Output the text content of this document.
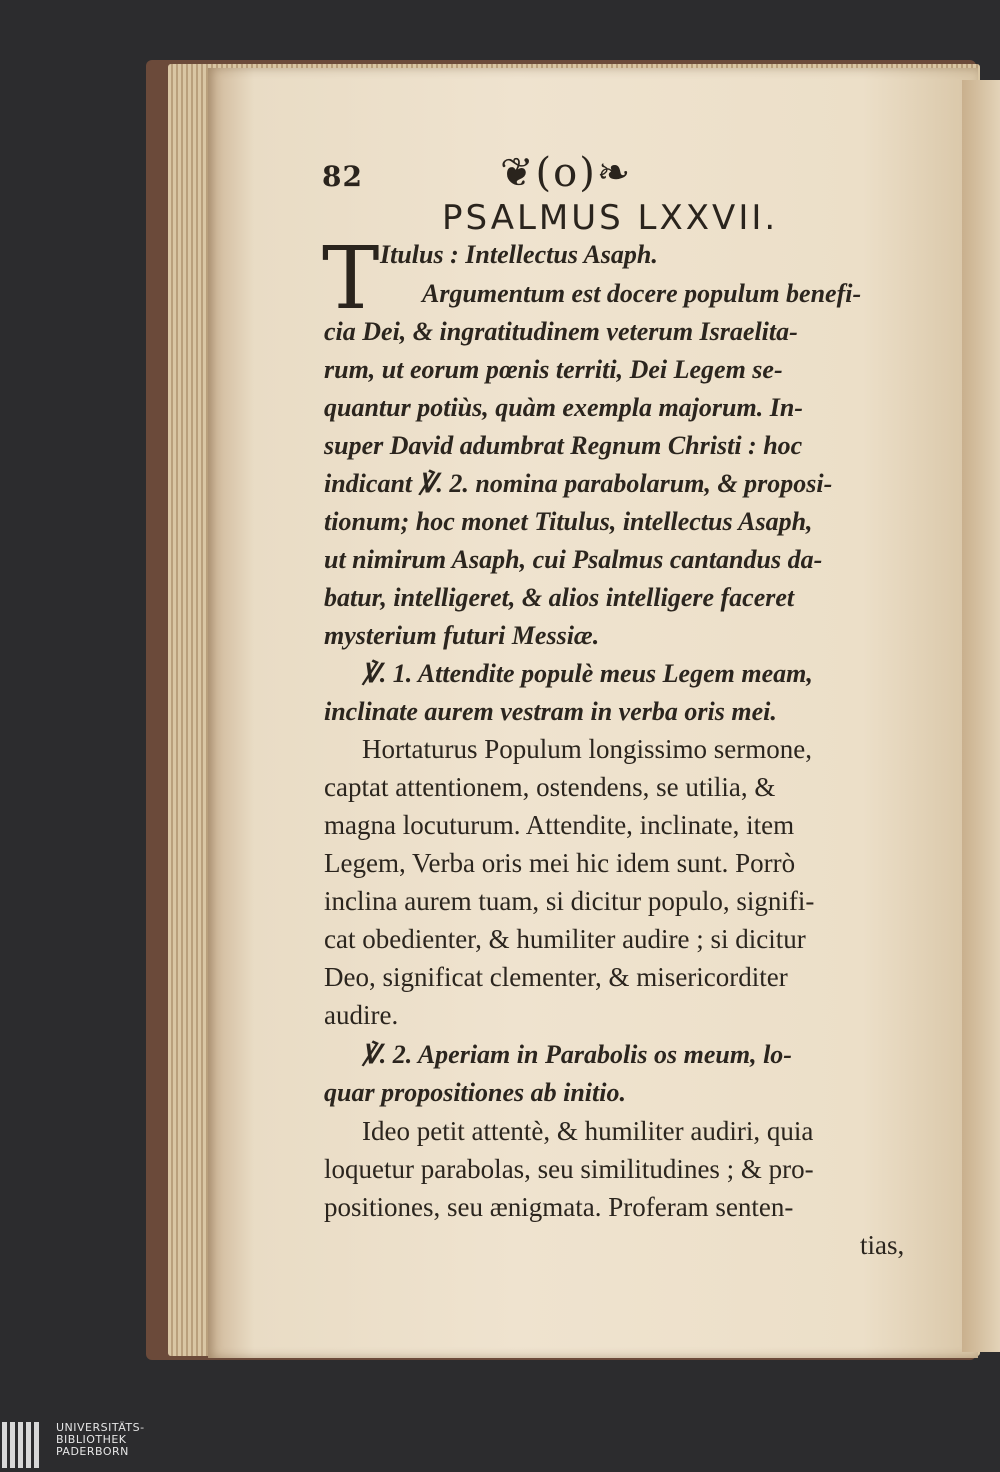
82	❦(o)❧
PSALMUS LXXVII.
T Itulus : Intellectus Asaph.
Argumentum est docere populum benefi-
cia Dei, & ingratitudinem veterum Israelita-
rum, ut eorum pœnis territi, Dei Legem se-
quantur potiùs, quàm exempla majorum. In-
super David adumbrat Regnum Christi : hoc
indicant ℣. 2. nomina parabolarum, & proposi-
tionum; hoc monet Titulus, intellectus Asaph,
ut nimirum Asaph, cui Psalmus cantandus da-
batur, intelligeret, & alios intelligere faceret
mysterium futuri Messiæ.
℣. 1. Attendite populè meus Legem meam,
inclinate aurem vestram in verba oris mei.
Hortaturus Populum longissimo sermone,
captat attentionem, ostendens, se utilia, &
magna locuturum. Attendite, inclinate, item
Legem, Verba oris mei hic idem sunt. Porrò
inclina aurem tuam, si dicitur populo, signifi-
cat obedienter, & humiliter audire ; si dicitur
Deo, significat clementer, & misericorditer
audire.
℣. 2. Aperiam in Parabolis os meum, lo-
quar propositiones ab initio.
Ideo petit attentè, & humiliter audiri, quia
loquetur parabolas, seu similitudines ; & pro-
positiones, seu ænigmata. Proferam senten-
tias,
UNIVERSITÄTS-
BIBLIOTHEK
PADERBORN
